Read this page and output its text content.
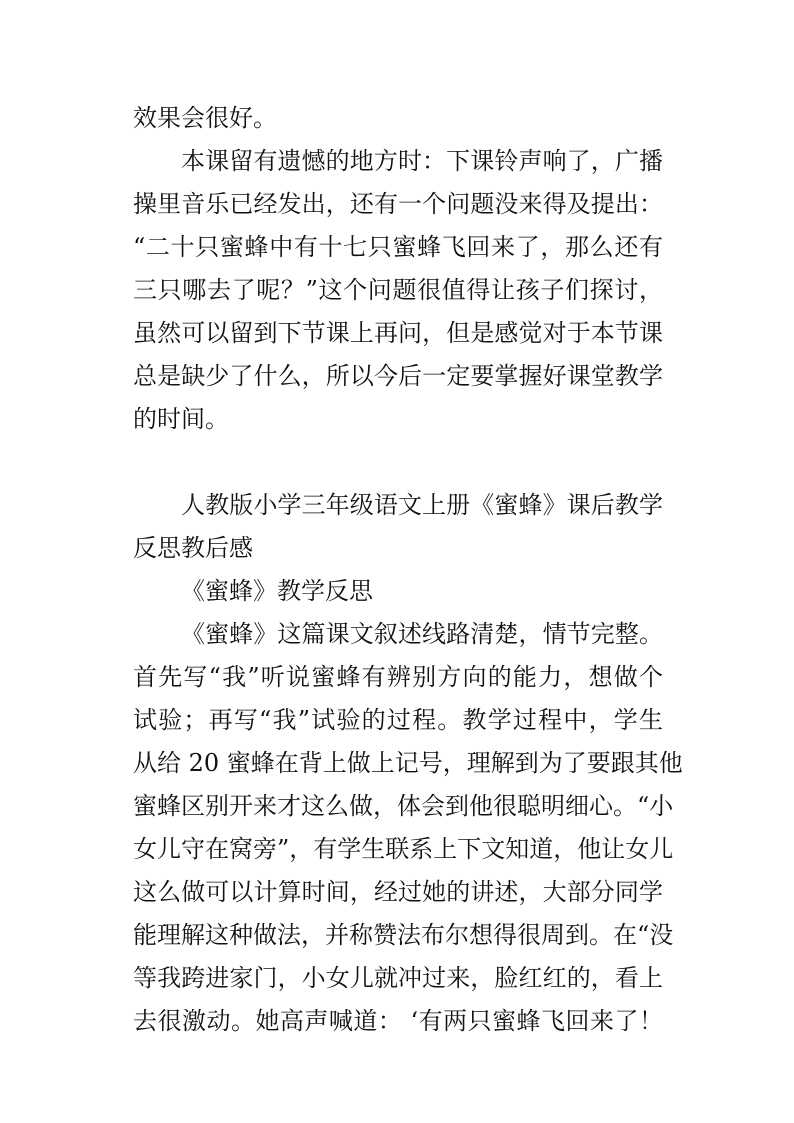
效果会很好。
本课留有遗憾的地方时：下课铃声响了，广播
操里音乐已经发出，还有一个问题没来得及提出：
“二十只蜜蜂中有十七只蜜蜂飞回来了，那么还有
三只哪去了呢？”这个问题很值得让孩子们探讨，
虽然可以留到下节课上再问，但是感觉对于本节课
总是缺少了什么，所以今后一定要掌握好课堂教学
的时间。
人教版小学三年级语文上册《蜜蜂》课后教学
反思教后感
《蜜蜂》教学反思
《蜜蜂》这篇课文叙述线路清楚，情节完整。
首先写“我”听说蜜蜂有辨别方向的能力，想做个
试验；再写“我”试验的过程。教学过程中，学生
从给 20 蜜蜂在背上做上记号，理解到为了要跟其他
蜜蜂区别开来才这么做，体会到他很聪明细心。“小
女儿守在窝旁”，有学生联系上下文知道，他让女儿
这么做可以计算时间，经过她的讲述，大部分同学
能理解这种做法，并称赞法布尔想得很周到。在“没
等我跨进家门，小女儿就冲过来，脸红红的，看上
去很激动。她高声喊道： ‘有两只蜜蜂飞回来了！
